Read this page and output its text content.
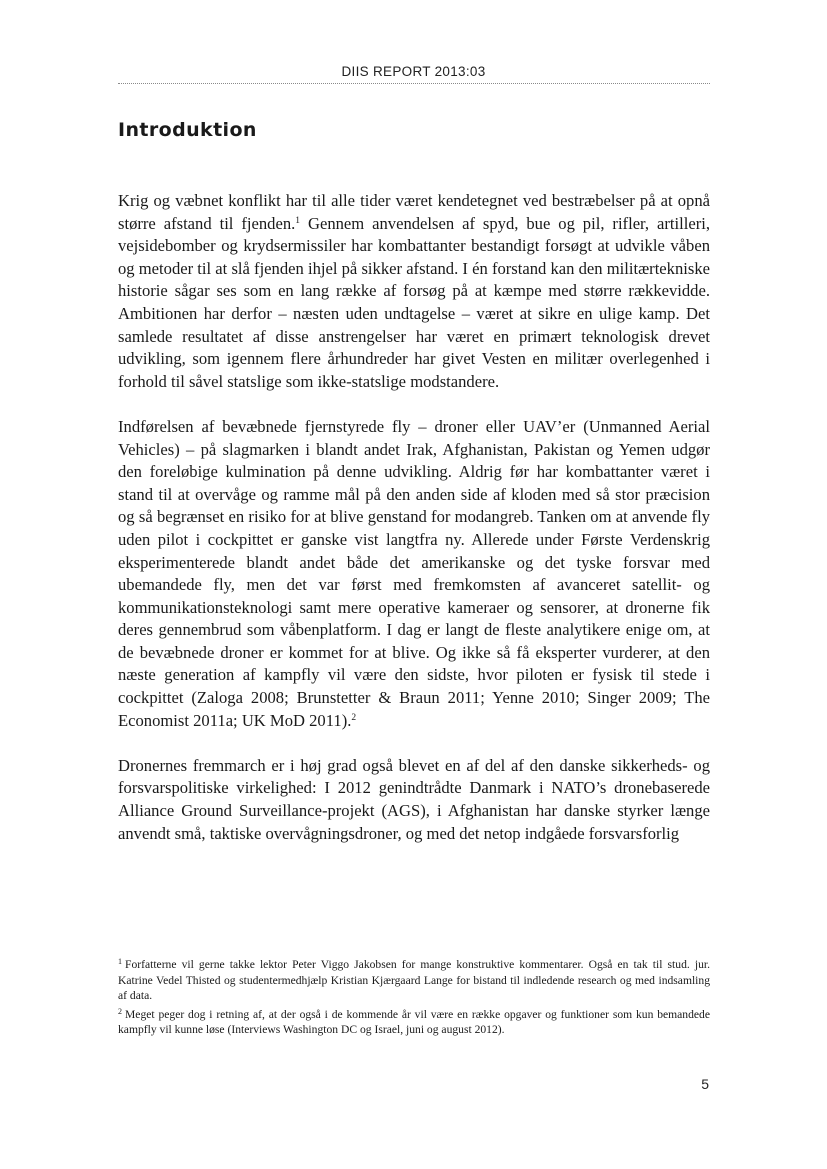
DIIS REPORT 2013:03
Introduktion

Krig og væbnet konflikt har til alle tider været kendetegnet ved bestræbelser på at opnå større afstand til fjenden.$^1$ Gennem anvendelsen af spyd, bue og pil, rifler, artilleri, vejsidebomber og krydsermissiler har kombattanter bestandigt forsøgt at udvikle våben og metoder til at slå fjenden ihjel på sikker afstand. I én forstand kan den militærtekniske historie sågar ses som en lang række af forsøg på at kæmpe med større rækkevidde. Ambitionen har derfor – næsten uden undtagelse – været at sikre en ulige kamp. Det samlede resultatet af disse anstrengelser har været en primært teknologisk drevet udvikling, som igennem flere århundreder har givet Vesten en militær overlegenhed i forhold til såvel statslige som ikke-statslige modstandere.

Indførelsen af bevæbnede fjernstyrede fly – droner eller UAV’er (Unmanned Aerial Vehicles) – på slagmarken i blandt andet Irak, Afghanistan, Pakistan og Yemen udgør den foreløbige kulmination på denne udvikling. Aldrig før har kombattanter været i stand til at overvåge og ramme mål på den anden side af kloden med så stor præcision og så begrænset en risiko for at blive genstand for modangreb. Tanken om at anvende fly uden pilot i cockpittet er ganske vist langtfra ny. Allerede under Første Verdenskrig eksperimenterede blandt andet både det amerikanske og det tyske forsvar med ubemandede fly, men det var først med fremkomsten af avanceret satellit- og kommunikationsteknologi samt mere operative kameraer og sensorer, at dronerne fik deres gennembrud som våbenplatform. I dag er langt de fleste analytikere enige om, at de bevæbnede droner er kommet for at blive. Og ikke så få eksperter vurderer, at den næste generation af kampfly vil være den sidste, hvor piloten er fysisk til stede i cockpittet (Zaloga 2008; Brunstetter & Braun 2011; Yenne 2010; Singer 2009; The Economist 2011a; UK MoD 2011).$^2$

Dronernes fremmarch er i høj grad også blevet en af del af den danske sikkerheds- og forsvarspolitiske virkelighed: I 2012 genindtrådte Danmark i NATO’s dronebaserede Alliance Ground Surveillance-projekt (AGS), i Afghanistan har danske styrker længe anvendt små, taktiske overvågningsdroner, og med det netop indgåede forsvarsforlig

$^1$ Forfatterne vil gerne takke lektor Peter Viggo Jakobsen for mange konstruktive kommentarer. Også en tak til stud. jur. Katrine Vedel Thisted og studentermedhjælp Kristian Kjærgaard Lange for bistand til indledende research og med indsamling af data.

$^2$ Meget peger dog i retning af, at der også i de kommende år vil være en række opgaver og funktioner som kun bemandede kampfly vil kunne løse (Interviews Washington DC og Israel, juni og august 2012).

5
